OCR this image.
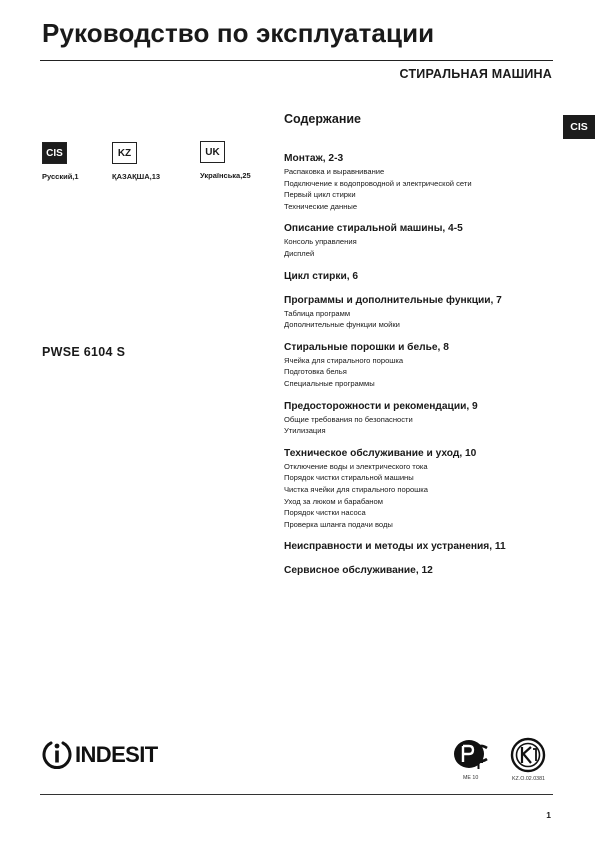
Руководство по эксплуатации
СТИРАЛЬНАЯ МАШИНА
CIS
CIS
Русский,1
KZ
ҚАЗАҚША,13
UK
Українська,25
PWSE 6104 S
Содержание
Монтаж, 2-3
Распаковка и выравнивание
Подключение к водопроводной и электрической сети
Первый цикл стирки
Технические данные
Описание стиральной машины, 4-5
Консоль управления
Дисплей
Цикл стирки, 6
Программы и дополнительные функции, 7
Таблица программ
Дополнительные функции мойки
Стиральные порошки и белье, 8
Ячейка для стирального порошка
Подготовка белья
Специальные программы
Предосторожности и рекомендации, 9
Общие требования по безопасности
Утилизация
Техническое обслуживание и уход, 10
Отключение воды и электрического тока
Порядок чистки стиральной машины
Чистка ячейки для стирального порошка
Уход за люком и барабаном
Порядок чистки насоса
Проверка шланга подачи воды
Неисправности и методы их устранения, 11
Сервисное обслуживание, 12
INDESIT
МЕ 10	KZ.O.02.0381
1
